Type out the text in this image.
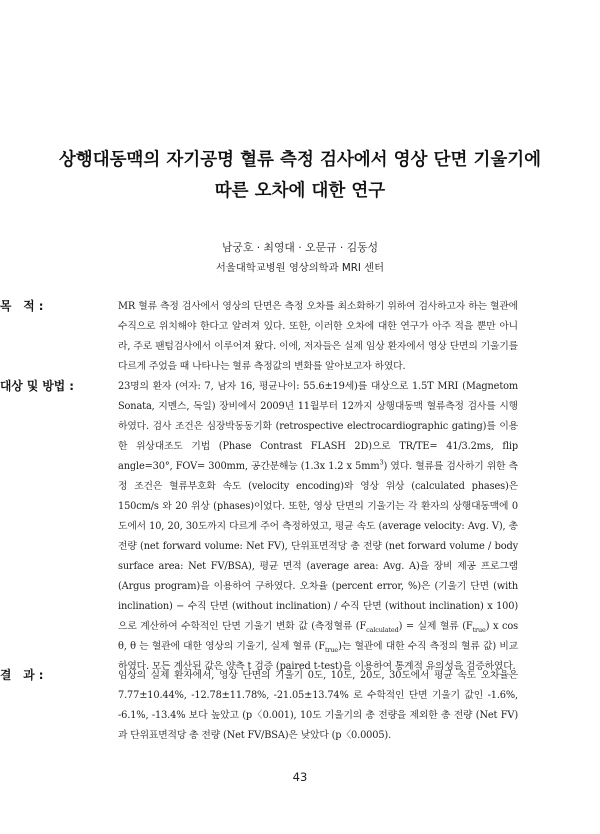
상행대동맥의 자기공명 혈류 측정 검사에서 영상 단면 기울기에
따른 오차에 대한 연구
남궁호 · 최영대 · 오문규 · 김동성
서울대학교병원 영상의학과 MRI 센터
목　적 :	MR 혈류 측정 검사에서 영상의 단면은 측정 오차를 최소화하기 위하여 검사하고자 하는 혈관에 수직으로 위치해야 한다고 알려져 있다. 또한, 이러한 오차에 대한 연구가 아주 적을 뿐만 아니라, 주로 팬텀검사에서 이루어져 왔다. 이에, 저자들은 실제 임상 환자에서 영상 단면의 기울기를 다르게 주었을 때 나타나는 혈류 측정값의 변화를 알아보고자 하였다.
대상 및 방법 :	23명의 환자 (여자: 7, 남자 16, 평균나이: 55.6±19세)를 대상으로 1.5T MRI (Magnetom Sonata, 지멘스, 독일) 장비에서 2009년 11월부터 12까지 상행대동맥 혈류측정 검사를 시행하였다. 검사 조건은 심장박동동기화 (retrospective electrocardiographic gating)를 이용한 위상대조도 기법 (Phase Contrast FLASH 2D)으로 TR/TE= 41/3.2ms, flip angle=30°, FOV= 300mm, 공간분해능 (1.3x 1.2 x $5mm^3$) 였다. 혈류를 검사하기 위한 측정 조건은 혈류부호화 속도 (velocity encoding)와 영상 위상 (calculated phases)은 150cm/s 와 20 위상 (phases)이었다. 또한, 영상 단면의 기울기는 각 환자의 상행대동맥에 0도에서 10, 20, 30도까지 다르게 주어 측정하였고, 평균 속도 (average velocity: Avg. V), 총전량 (net forward volume: Net FV), 단위표면적당 총 전량 (net forward volume / body surface area: Net FV/BSA), 평균 면적 (average area: Avg. A)을 장비 제공 프로그램 (Argus program)을 이용하여 구하였다. 오차율 (percent error, %)은 (기울기 단면 (with inclination) − 수직 단면 (without inclination) / 수직 단면 (without inclination) x 100)으로 계산하여 수학적인 단면 기울기 변화 값 (측정혈류 $(F_{calculated})$ = 실제 혈류 $(F_{true})$ x cos θ, θ 는 혈관에 대한 영상의 기울기, 실제 혈류 $(F_{true})$는 혈관에 대한 수직 측정의 혈류 값) 비교 하였다. 모든 계산된 값은 양측 t 검증 (paired t-test)을 이용하여 통계적 유의성을 검증하였다.
결　과 :	임상의 실제 환자에서, 영상 단면의 기울기 0도, 10도, 20도, 30도에서 평균 속도 오차율은 7.77±10.44%, -12.78±11.78%, -21.05±13.74% 로 수학적인 단면 기울기 값인 -1.6%, -6.1%, -13.4% 보다 높았고 (p〈0.001), 10도 기울기의 총 전량을 제외한 총 전량 (Net FV)과 단위표면적당 총 전량 (Net FV/BSA)은 낮았다 (p〈0.0005).
43
